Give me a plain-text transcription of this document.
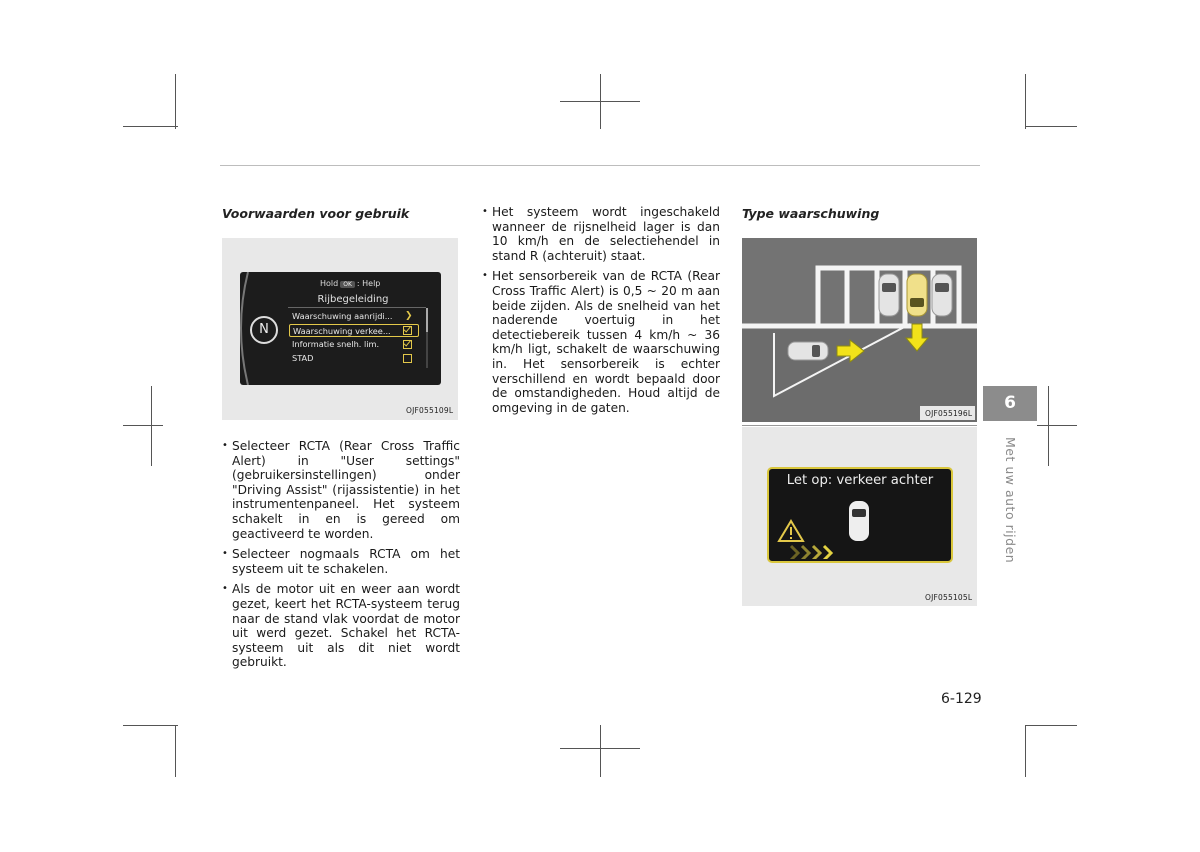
Voorwaarden voor gebruik
N
Hold OK : Help
Rijbegeleiding
Waarschuwing aanrijdi...	❯
Waarschuwing verkee...
Informatie snelh. lim.
STAD
OJF055109L
• Selecteer RCTA (Rear Cross Traffic Alert) in "User settings" (gebruikersinstellingen) onder "Driving Assist" (rijassistentie) in het instrumentenpaneel. Het systeem schakelt in en is gereed om geactiveerd te worden.
• Selecteer nogmaals RCTA om het systeem uit te schakelen.
• Als de motor uit en weer aan wordt gezet, keert het RCTA-systeem terug naar de stand vlak voordat de motor uit werd gezet. Schakel het RCTA-systeem uit als dit niet wordt gebruikt.
• Het systeem wordt ingeschakeld wanneer de rijsnelheid lager is dan 10 km/h en de selectiehendel in stand R (achteruit) staat.
• Het sensorbereik van de RCTA (Rear Cross Traffic Alert) is 0,5 ~ 20 m aan beide zijden. Als de snelheid van het naderende voertuig in het detectiebereik tussen 4 km/h ~ 36 km/h ligt, schakelt de waarschuwing in. Het sensorbereik is echter verschillend en wordt bepaald door de omstandigheden. Houd altijd de omgeving in de gaten.
Type waarschuwing
OJF055196L
Let op: verkeer achter
OJF055105L
6
Met uw auto rijden
6-129
